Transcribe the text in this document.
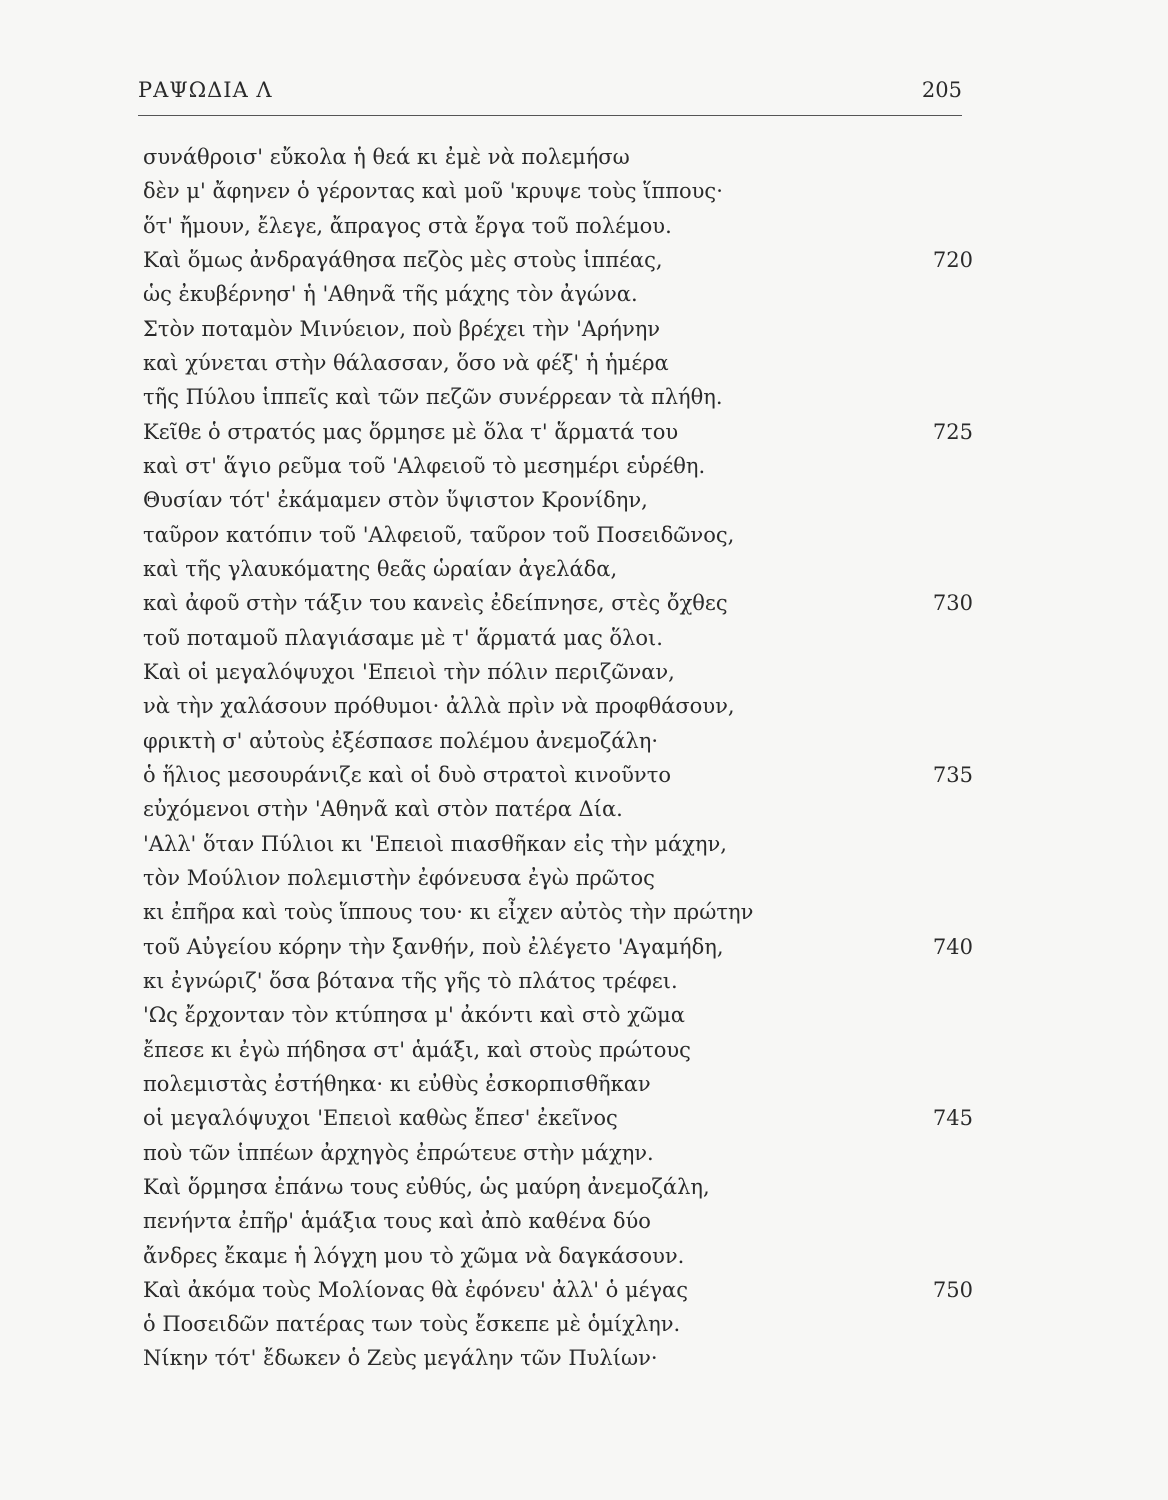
ΡΑΨΩΔΙΑ Λ	205
συνάθροισ' εὔκολα ἡ θεά κι ἐμὲ νὰ πολεμήσω
δὲν μ' ἄφηνεν ὁ γέροντας καὶ μοῦ 'κρυψε τοὺς ἵππους·
ὅτ' ἤμουν, ἔλεγε, ἄπραγος στὰ ἔργα τοῦ πολέμου.
Καὶ ὅμως ἀνδραγάθησα πεζὸς μὲς στοὺς ἱππέας,	720
ὡς ἐκυβέρνησ' ἡ 'Αθηνᾶ τῆς μάχης τὸν ἀγώνα.
Στὸν ποταμὸν Μινύειον, ποὺ βρέχει τὴν 'Αρήνην
καὶ χύνεται στὴν θάλασσαν, ὅσο νὰ φέξ' ἡ ἡμέρα
τῆς Πύλου ἱππεῖς καὶ τῶν πεζῶν συνέρρεαν τὰ πλήθη.
Κεῖθε ὁ στρατός μας ὅρμησε μὲ ὅλα τ' ἅρματά του	725
καὶ στ' ἅγιο ρεῦμα τοῦ 'Αλφειοῦ τὸ μεσημέρι εὑρέθη.
Θυσίαν τότ' ἐκάμαμεν στὸν ὕψιστον Κρονίδην,
ταῦρον κατόπιν τοῦ 'Αλφειοῦ, ταῦρον τοῦ Ποσειδῶνος,
καὶ τῆς γλαυκόματης θεᾶς ὡραίαν ἀγελάδα,
καὶ ἀφοῦ στὴν τάξιν του κανεὶς ἐδείπνησε, στὲς ὄχθες	730
τοῦ ποταμοῦ πλαγιάσαμε μὲ τ' ἅρματά μας ὅλοι.
Καὶ οἱ μεγαλόψυχοι 'Επειοὶ τὴν πόλιν περιζῶναν,
νὰ τὴν χαλάσουν πρόθυμοι· ἀλλὰ πρὶν νὰ προφθάσουν,
φρικτὴ σ' αὐτοὺς ἐξέσπασε πολέμου ἀνεμοζάλη·
ὁ ἥλιος μεσουράνιζε καὶ οἱ δυὸ στρατοὶ κινοῦντο	735
εὐχόμενοι στὴν 'Αθηνᾶ καὶ στὸν πατέρα Δία.
'Αλλ' ὅταν Πύλιοι κι 'Επειοὶ πιασθῆκαν εἰς τὴν μάχην,
τὸν Μούλιον πολεμιστὴν ἐφόνευσα ἐγὼ πρῶτος
κι ἐπῆρα καὶ τοὺς ἵππους του· κι εἶχεν αὐτὸς τὴν πρώτην
τοῦ Αὐγείου κόρην τὴν ξανθήν, ποὺ ἐλέγετο 'Αγαμήδη,	740
κι ἐγνώριζ' ὅσα βότανα τῆς γῆς τὸ πλάτος τρέφει.
'Ως ἔρχονταν τὸν κτύπησα μ' ἀκόντι καὶ στὸ χῶμα
ἔπεσε κι ἐγὼ πήδησα στ' ἁμάξι, καὶ στοὺς πρώτους
πολεμιστὰς ἐστήθηκα· κι εὐθὺς ἐσκορπισθῆκαν
οἱ μεγαλόψυχοι 'Επειοὶ καθὼς ἔπεσ' ἐκεῖνος	745
ποὺ τῶν ἱππέων ἀρχηγὸς ἐπρώτευε στὴν μάχην.
Καὶ ὅρμησα ἐπάνω τους εὐθύς, ὡς μαύρη ἀνεμοζάλη,
πενήντα ἐπῆρ' ἁμάξια τους καὶ ἀπὸ καθένα δύο
ἄνδρες ἔκαμε ἡ λόγχη μου τὸ χῶμα νὰ δαγκάσουν.
Καὶ ἀκόμα τοὺς Μολίονας θὰ ἐφόνευ' ἀλλ' ὁ μέγας	750
ὁ Ποσειδῶν πατέρας των τοὺς ἔσκεπε μὲ ὁμίχλην.
Νίκην τότ' ἔδωκεν ὁ Ζεὺς μεγάλην τῶν Πυλίων·
